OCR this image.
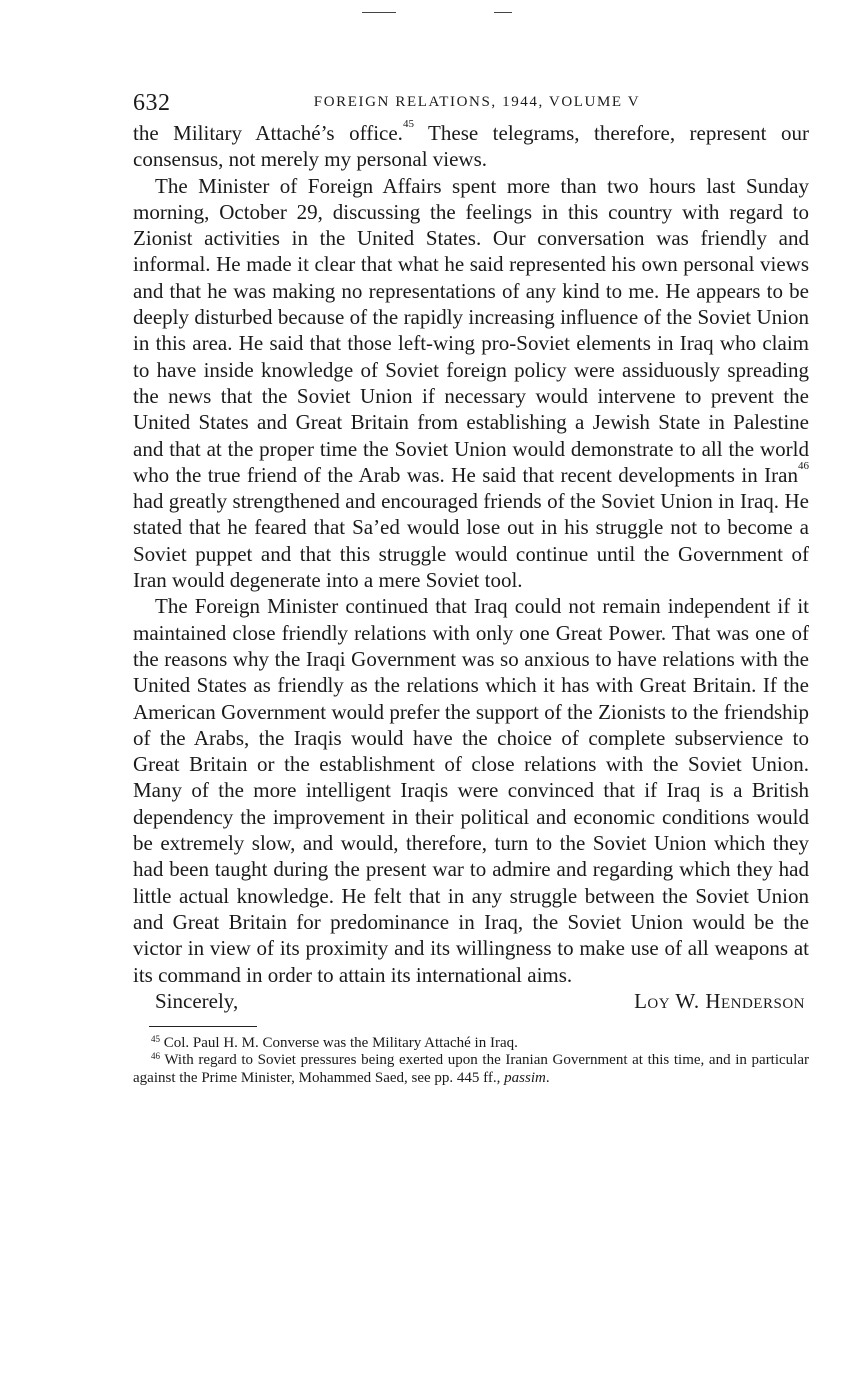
632	FOREIGN RELATIONS, 1944, VOLUME V

the Military Attaché’s office.$^{45}$ These telegrams, therefore, represent our consensus, not merely my personal views.

The Minister of Foreign Affairs spent more than two hours last Sunday morning, October 29, discussing the feelings in this country with regard to Zionist activities in the United States. Our conversation was friendly and informal. He made it clear that what he said represented his own personal views and that he was making no representations of any kind to me. He appears to be deeply disturbed because of the rapidly increasing influence of the Soviet Union in this area. He said that those left-wing pro-Soviet elements in Iraq who claim to have inside knowledge of Soviet foreign policy were assiduously spreading the news that the Soviet Union if necessary would intervene to prevent the United States and Great Britain from establishing a Jewish State in Palestine and that at the proper time the Soviet Union would demonstrate to all the world who the true friend of the Arab was. He said that recent developments in Iran$^{46}$ had greatly strengthened and encouraged friends of the Soviet Union in Iraq. He stated that he feared that Sa’ed would lose out in his struggle not to become a Soviet puppet and that this struggle would continue until the Government of Iran would degenerate into a mere Soviet tool.

The Foreign Minister continued that Iraq could not remain independent if it maintained close friendly relations with only one Great Power. That was one of the reasons why the Iraqi Government was so anxious to have relations with the United States as friendly as the relations which it has with Great Britain. If the American Government would prefer the support of the Zionists to the friendship of the Arabs, the Iraqis would have the choice of complete subservience to Great Britain or the establishment of close relations with the Soviet Union. Many of the more intelligent Iraqis were convinced that if Iraq is a British dependency the improvement in their political and economic conditions would be extremely slow, and would, therefore, turn to the Soviet Union which they had been taught during the present war to admire and regarding which they had little actual knowledge. He felt that in any struggle between the Soviet Union and Great Britain for predominance in Iraq, the Soviet Union would be the victor in view of its proximity and its willingness to make use of all weapons at its command in order to attain its international aims.

Sincerely,	Loy W. Henderson

$^{45}$ Col. Paul H. M. Converse was the Military Attaché in Iraq.

$^{46}$ With regard to Soviet pressures being exerted upon the Iranian Government at this time, and in particular against the Prime Minister, Mohammed Saed, see pp. 445 ff., passim.
